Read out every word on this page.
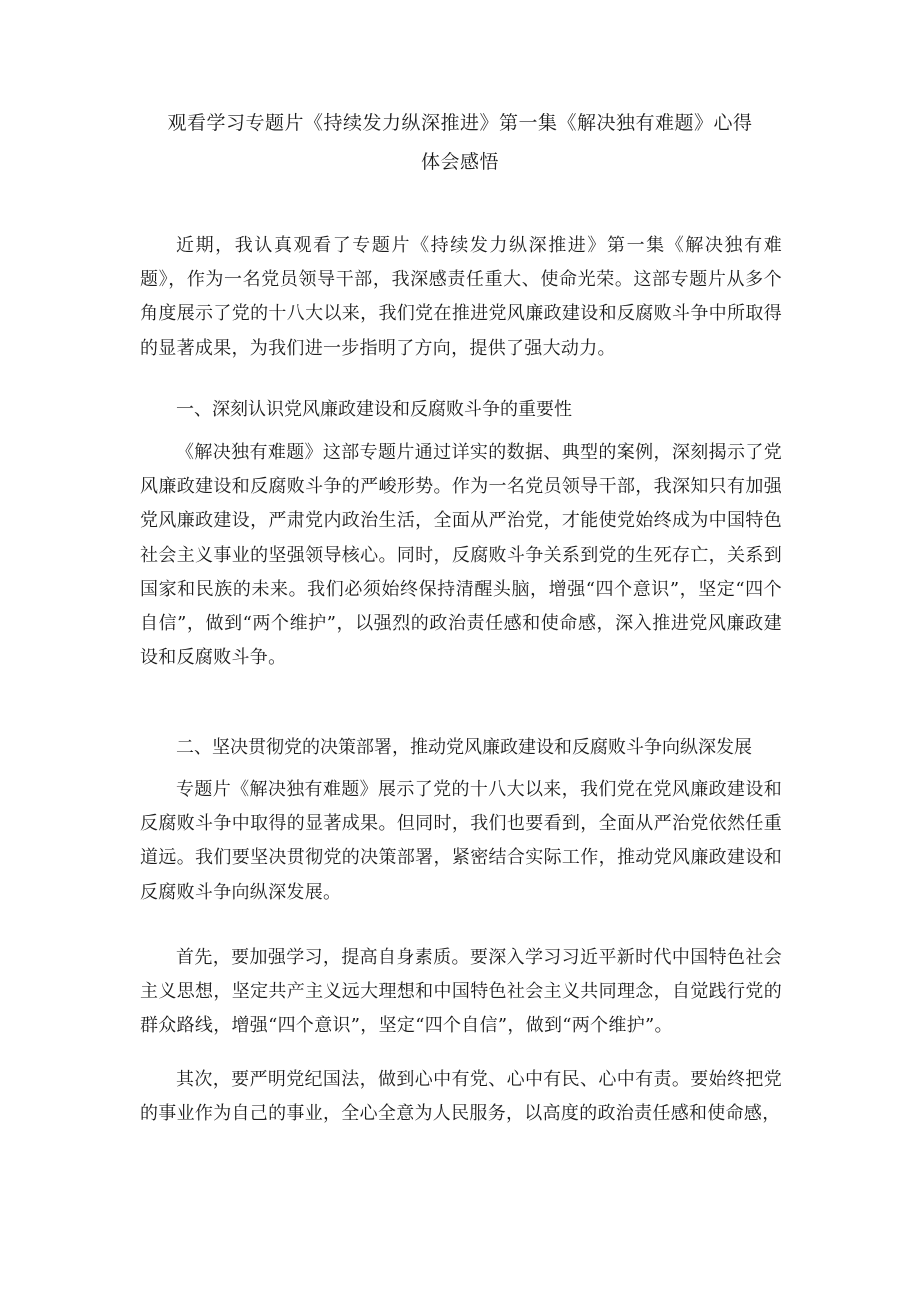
观看学习专题片《持续发力纵深推进》第一集《解决独有难题》心得
体会感悟

近期，我认真观看了专题片《持续发力纵深推进》第一集《解决独有难题》，作为一名党员领导干部，我深感责任重大、使命光荣。这部专题片从多个角度展示了党的十八大以来，我们党在推进党风廉政建设和反腐败斗争中所取得的显著成果，为我们进一步指明了方向，提供了强大动力。

一、深刻认识党风廉政建设和反腐败斗争的重要性

《解决独有难题》这部专题片通过详实的数据、典型的案例，深刻揭示了党风廉政建设和反腐败斗争的严峻形势。作为一名党员领导干部，我深知只有加强党风廉政建设，严肃党内政治生活，全面从严治党，才能使党始终成为中国特色社会主义事业的坚强领导核心。同时，反腐败斗争关系到党的生死存亡，关系到国家和民族的未来。我们必须始终保持清醒头脑，增强“四个意识”，坚定“四个自信”，做到“两个维护”，以强烈的政治责任感和使命感，深入推进党风廉政建设和反腐败斗争。

二、坚决贯彻党的决策部署，推动党风廉政建设和反腐败斗争向纵深发展

专题片《解决独有难题》展示了党的十八大以来，我们党在党风廉政建设和反腐败斗争中取得的显著成果。但同时，我们也要看到，全面从严治党依然任重道远。我们要坚决贯彻党的决策部署，紧密结合实际工作，推动党风廉政建设和反腐败斗争向纵深发展。

首先，要加强学习，提高自身素质。要深入学习习近平新时代中国特色社会主义思想，坚定共产主义远大理想和中国特色社会主义共同理念，自觉践行党的群众路线，增强“四个意识”，坚定“四个自信”，做到“两个维护”。

其次，要严明党纪国法，做到心中有党、心中有民、心中有责。要始终把党的事业作为自己的事业，全心全意为人民服务，以高度的政治责任感和使命感，
